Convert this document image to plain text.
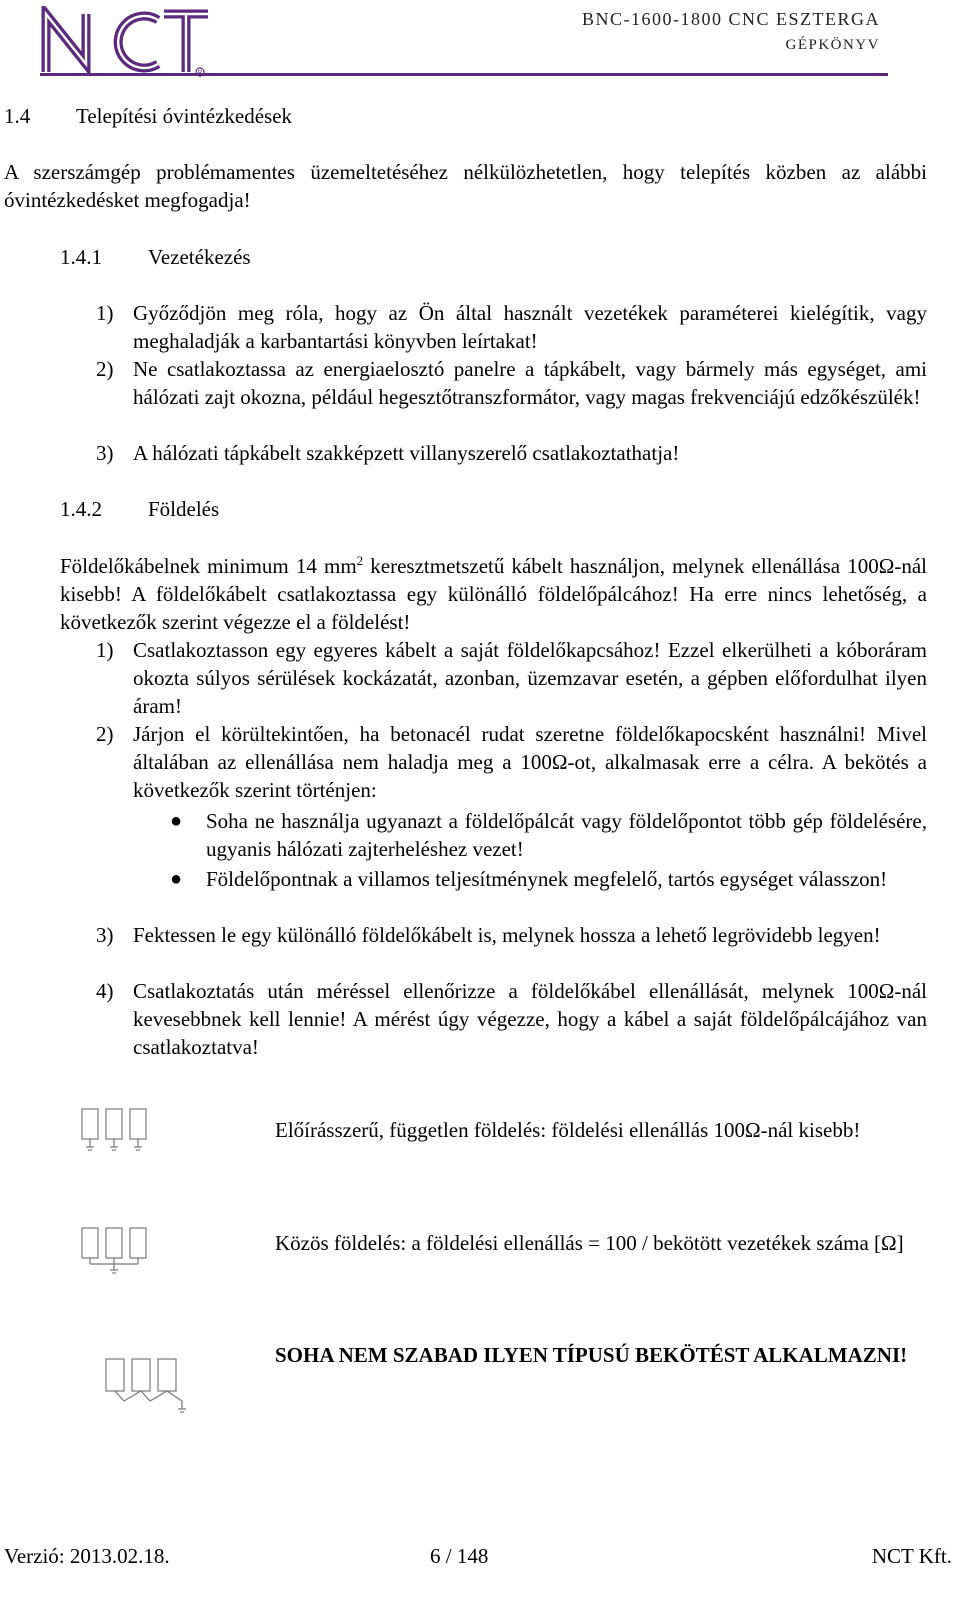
BNC-1600-1800 CNC ESZTERGA
GÉPKÖNYV
1.4 Telepítési óvintézkedések
A szerszámgép problémamentes üzemeltetéséhez nélkülözhetetlen, hogy telepítés közben az alábbi óvintézkedésket megfogadja!
1.4.1 Vezetékezés
1) Győződjön meg róla, hogy az Ön által használt vezetékek paraméterei kielégítik, vagy meghaladják a karbantartási könyvben leírtakat!
2) Ne csatlakoztassa az energiaelosztó panelre a tápkábelt, vagy bármely más egységet, ami hálózati zajt okozna, például hegesztőtranszformátor, vagy magas frekvenciájú edzőkészülék!
3) A hálózati tápkábelt szakképzett villanyszerelő csatlakoztathatja!
1.4.2 Földelés
Földelőkábelnek minimum 14 $mm^2$ keresztmetszetű kábelt használjon, melynek ellenállása 100Ω-nál kisebb! A földelőkábelt csatlakoztassa egy különálló földelőpálcához! Ha erre nincs lehetőség, a következők szerint végezze el a földelést!
1) Csatlakoztasson egy egyeres kábelt a saját földelőkapcsához! Ezzel elkerülheti a kóboráram okozta súlyos sérülések kockázatát, azonban, üzemzavar esetén, a gépben előfordulhat ilyen áram!
2) Járjon el körültekintően, ha betonacél rudat szeretne földelőkapocsként használni! Mivel általában az ellenállása nem haladja meg a 100Ω-ot, alkalmasak erre a célra. A bekötés a következők szerint történjen:
● Soha ne használja ugyanazt a földelőpálcát vagy földelőpontot több gép földelésére, ugyanis hálózati zajterheléshez vezet!
● Földelőpontnak a villamos teljesítménynek megfelelő, tartós egységet válasszon!
3) Fektessen le egy különálló földelőkábelt is, melynek hossza a lehető legrövidebb legyen!
4) Csatlakoztatás után méréssel ellenőrizze a földelőkábel ellenállását, melynek 100Ω-nál kevesebbnek kell lennie! A mérést úgy végezze, hogy a kábel a saját földelőpálcájához van csatlakoztatva!
Előírásszerű, független földelés: földelési ellenállás 100Ω-nál kisebb!
Közös földelés: a földelési ellenállás = 100 / bekötött vezetékek száma [Ω]
SOHA NEM SZABAD ILYEN TÍPUSÚ BEKÖTÉST ALKALMAZNI!
Verzió: 2013.02.18.	6 / 148	NCT Kft.
